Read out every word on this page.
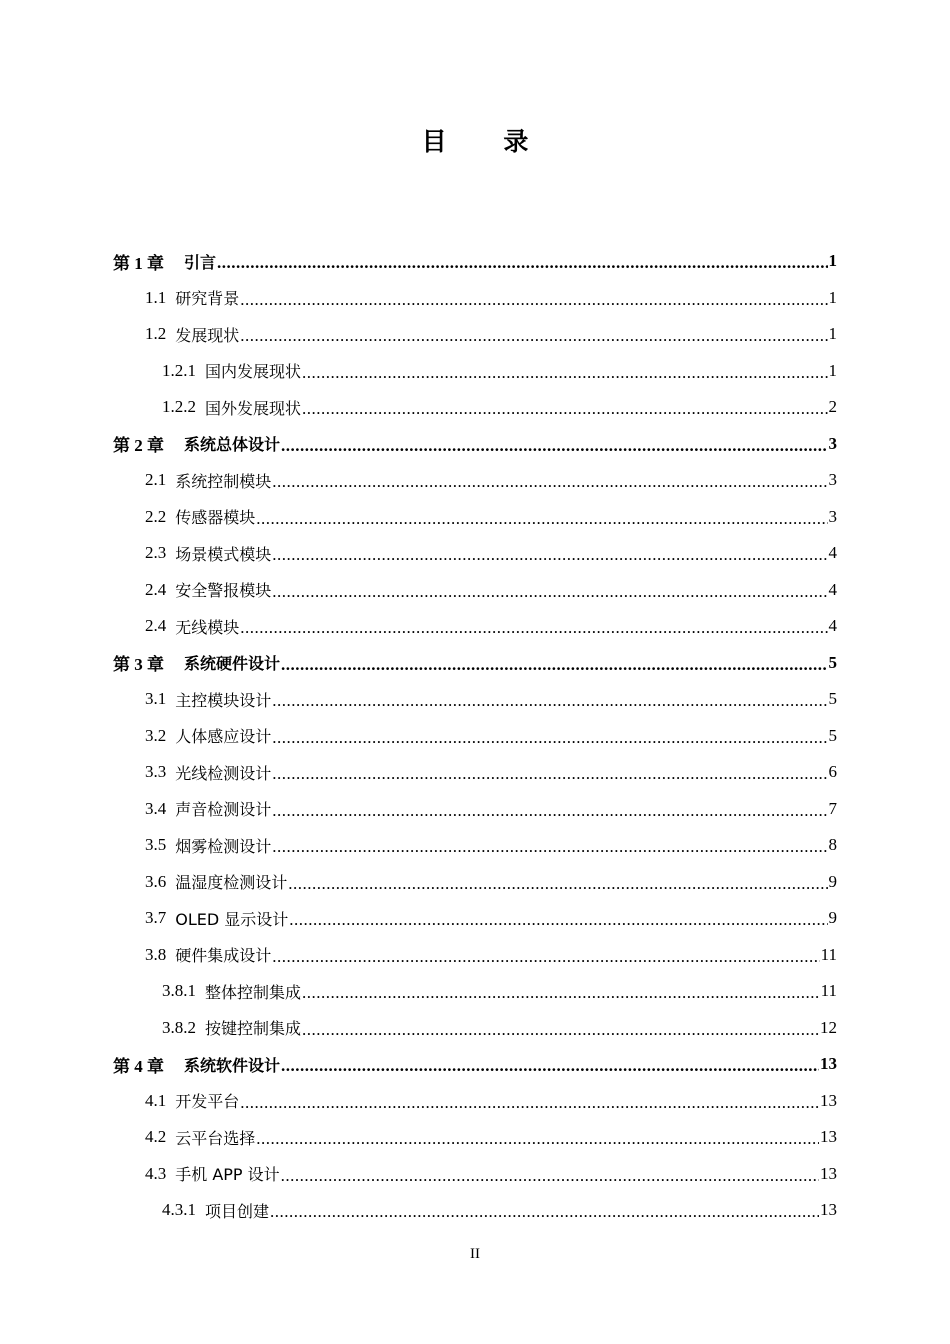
目 录
第 1 章 引言 .....	1
1.1 研究背景 .....	1
1.2 发展现状 .....	1
1.2.1 国内发展现状 .....	1
1.2.2 国外发展现状 .....	2
第 2 章 系统总体设计 .....	3
2.1 系统控制模块 .....	3
2.2 传感器模块 .....	3
2.3 场景模式模块 .....	4
2.4 安全警报模块 .....	4
2.4 无线模块 .....	4
第 3 章 系统硬件设计 .....	5
3.1 主控模块设计 .....	5
3.2 人体感应设计 .....	5
3.3 光线检测设计 .....	6
3.4 声音检测设计 .....	7
3.5 烟雾检测设计 .....	8
3.6 温湿度检测设计 .....	9
3.7 OLED 显示设计 .....	9
3.8 硬件集成设计 .....	11
3.8.1 整体控制集成 .....	11
3.8.2 按键控制集成 .....	12
第 4 章 系统软件设计 .....	13
4.1 开发平台 .....	13
4.2 云平台选择 .....	13
4.3 手机 APP 设计 .....	13
4.3.1 项目创建 .....	13
II
